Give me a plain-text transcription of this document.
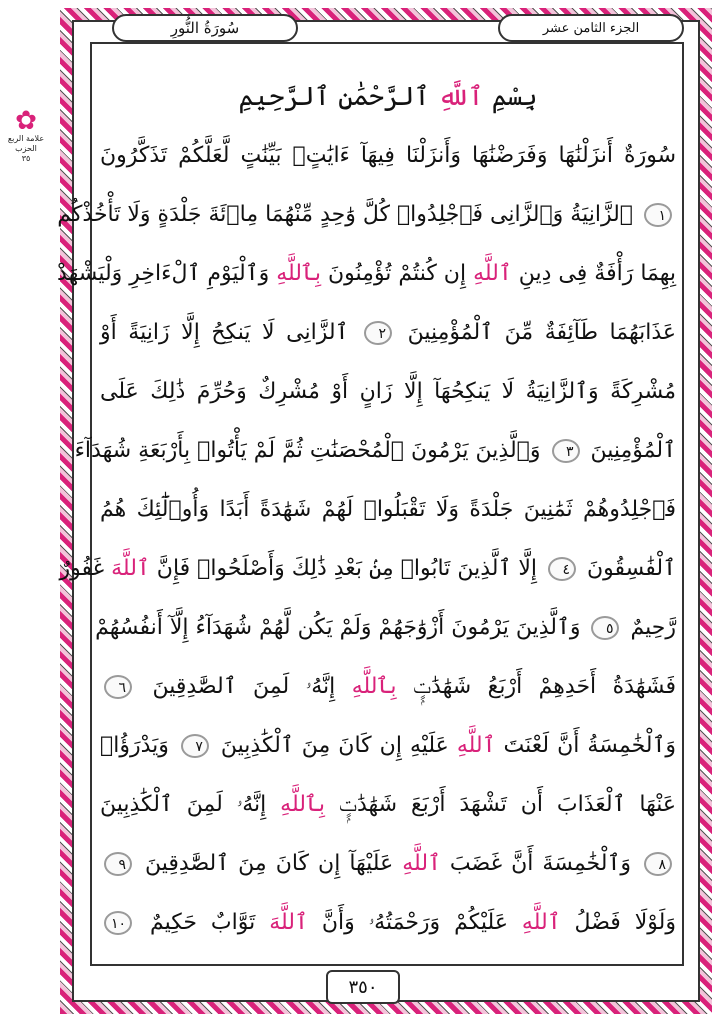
سُورَةُ النُّورِ	الجزء الثامن عشر
✿
علامة الربع
الحزب
٣٥
بِسْمِ ٱللَّهِ ٱلرَّحْمَٰنِ ٱلرَّحِيمِ
سُورَةٌ أَنزَلْنَٰهَا وَفَرَضْنَٰهَا وَأَنزَلْنَا فِيهَآ ءَايَٰتٍۭ بَيِّنَٰتٍ لَّعَلَّكُمْ تَذَكَّرُونَ
١ ٱلزَّانِيَةُ وَٱلزَّانِى فَٱجْلِدُوا۟ كُلَّ وَٰحِدٍ مِّنْهُمَا مِا۟ئَةَ جَلْدَةٍ وَلَا تَأْخُذْكُم
بِهِمَا رَأْفَةٌ فِى دِينِ ٱللَّهِ إِن كُنتُمْ تُؤْمِنُونَ بِٱللَّهِ وَٱلْيَوْمِ ٱلْءَاخِرِ وَلْيَشْهَدْ
عَذَابَهُمَا طَآئِفَةٌ مِّنَ ٱلْمُؤْمِنِينَ ٢ ٱلزَّانِى لَا يَنكِحُ إِلَّا زَانِيَةً أَوْ
مُشْرِكَةً وَٱلزَّانِيَةُ لَا يَنكِحُهَآ إِلَّا زَانٍ أَوْ مُشْرِكٌ وَحُرِّمَ ذَٰلِكَ عَلَى
ٱلْمُؤْمِنِينَ ٣ وَٱلَّذِينَ يَرْمُونَ ٱلْمُحْصَنَٰتِ ثُمَّ لَمْ يَأْتُوا۟ بِأَرْبَعَةِ شُهَدَآءَ
فَٱجْلِدُوهُمْ ثَمَٰنِينَ جَلْدَةً وَلَا تَقْبَلُوا۟ لَهُمْ شَهَٰدَةً أَبَدًا وَأُو۟لَٰٓئِكَ هُمُ
ٱلْفَٰسِقُونَ ٤ إِلَّا ٱلَّذِينَ تَابُوا۟ مِنۢ بَعْدِ ذَٰلِكَ وَأَصْلَحُوا۟ فَإِنَّ ٱللَّهَ غَفُورٌ
رَّحِيمٌ ٥ وَٱلَّذِينَ يَرْمُونَ أَزْوَٰجَهُمْ وَلَمْ يَكُن لَّهُمْ شُهَدَآءُ إِلَّآ أَنفُسُهُمْ
فَشَهَٰدَةُ أَحَدِهِمْ أَرْبَعُ شَهَٰدَٰتٍۭ بِٱللَّهِ إِنَّهُۥ لَمِنَ ٱلصَّٰدِقِينَ ٦
وَٱلْخَٰمِسَةُ أَنَّ لَعْنَتَ ٱللَّهِ عَلَيْهِ إِن كَانَ مِنَ ٱلْكَٰذِبِينَ ٧ وَيَدْرَؤُا۟
عَنْهَا ٱلْعَذَابَ أَن تَشْهَدَ أَرْبَعَ شَهَٰدَٰتٍۭ بِٱللَّهِ إِنَّهُۥ لَمِنَ ٱلْكَٰذِبِينَ
٨ وَٱلْخَٰمِسَةَ أَنَّ غَضَبَ ٱللَّهِ عَلَيْهَآ إِن كَانَ مِنَ ٱلصَّٰدِقِينَ ٩
وَلَوْلَا فَضْلُ ٱللَّهِ عَلَيْكُمْ وَرَحْمَتُهُۥ وَأَنَّ ٱللَّهَ تَوَّابٌ حَكِيمٌ ١٠
٣٥٠
